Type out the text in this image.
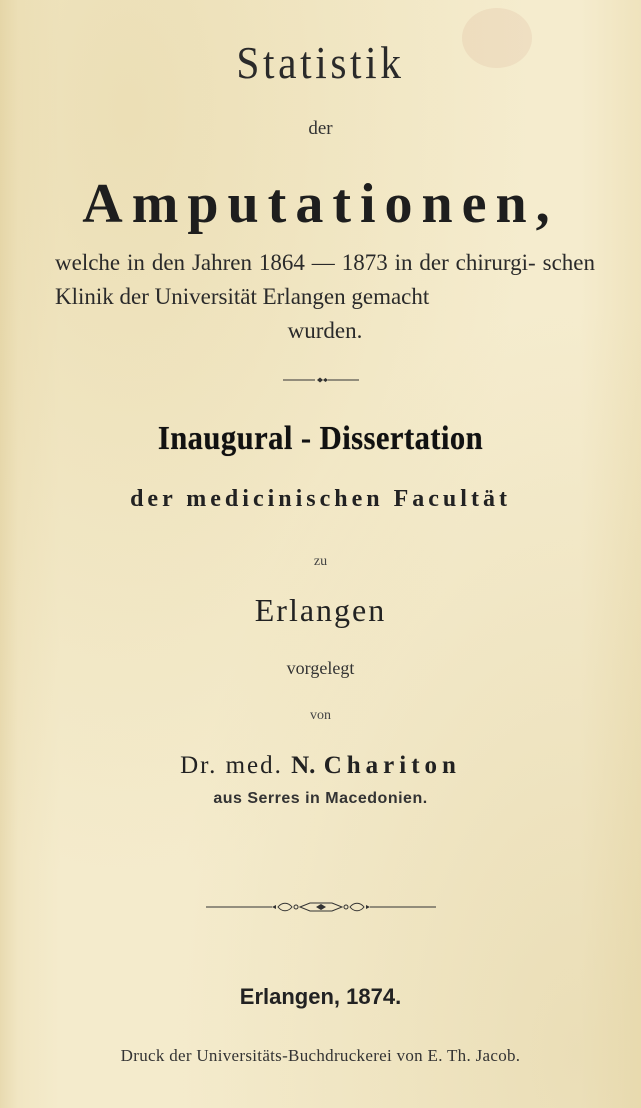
Statistik
der
Amputationen,
welche in den Jahren 1864 — 1873 in der chirurgi- schen Klinik der Universität Erlangen gemacht
wurden.
Inaugural - Dissertation
der medicinischen Facultät
zu
Erlangen
vorgelegt
von
Dr. med. N. Chariton
aus Serres in Macedonien.
Erlangen, 1874.
Druck der Universitäts-Buchdruckerei von E. Th. Jacob.
